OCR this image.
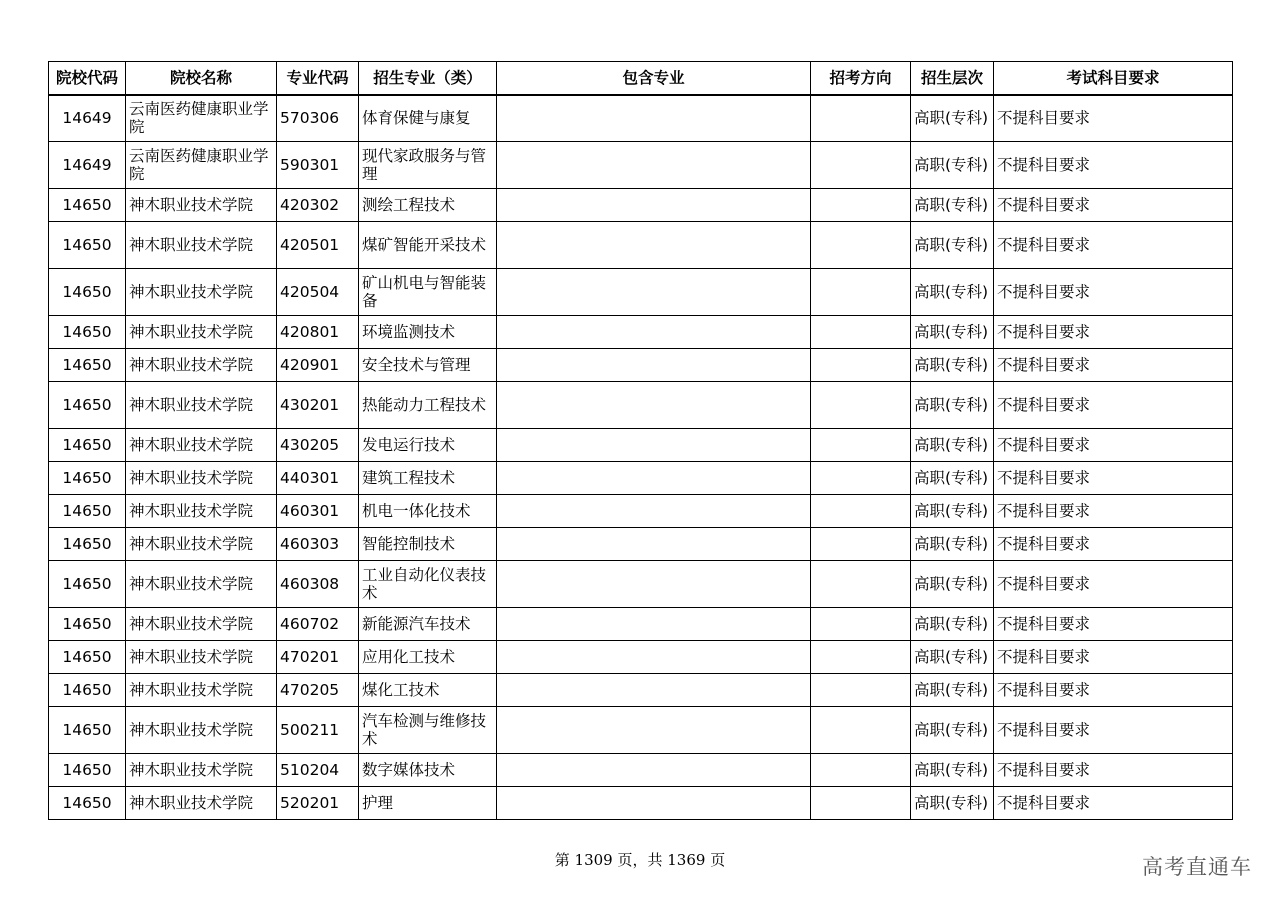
院校代码	院校名称	专业代码	招生专业（类）	包含专业	招考方向	招生层次	考试科目要求
14649	云南医药健康职业学院	570306	体育保健与康复			高职(专科)	不提科目要求
14649	云南医药健康职业学院	590301	现代家政服务与管理			高职(专科)	不提科目要求
14650	神木职业技术学院	420302	测绘工程技术			高职(专科)	不提科目要求
14650	神木职业技术学院	420501	煤矿智能开采技术			高职(专科)	不提科目要求
14650	神木职业技术学院	420504	矿山机电与智能装备			高职(专科)	不提科目要求
14650	神木职业技术学院	420801	环境监测技术			高职(专科)	不提科目要求
14650	神木职业技术学院	420901	安全技术与管理			高职(专科)	不提科目要求
14650	神木职业技术学院	430201	热能动力工程技术			高职(专科)	不提科目要求
14650	神木职业技术学院	430205	发电运行技术			高职(专科)	不提科目要求
14650	神木职业技术学院	440301	建筑工程技术			高职(专科)	不提科目要求
14650	神木职业技术学院	460301	机电一体化技术			高职(专科)	不提科目要求
14650	神木职业技术学院	460303	智能控制技术			高职(专科)	不提科目要求
14650	神木职业技术学院	460308	工业自动化仪表技术			高职(专科)	不提科目要求
14650	神木职业技术学院	460702	新能源汽车技术			高职(专科)	不提科目要求
14650	神木职业技术学院	470201	应用化工技术			高职(专科)	不提科目要求
14650	神木职业技术学院	470205	煤化工技术			高职(专科)	不提科目要求
14650	神木职业技术学院	500211	汽车检测与维修技术			高职(专科)	不提科目要求
14650	神木职业技术学院	510204	数字媒体技术			高职(专科)	不提科目要求
14650	神木职业技术学院	520201	护理			高职(专科)	不提科目要求
第 1309 页，共 1369 页	高考直通车
